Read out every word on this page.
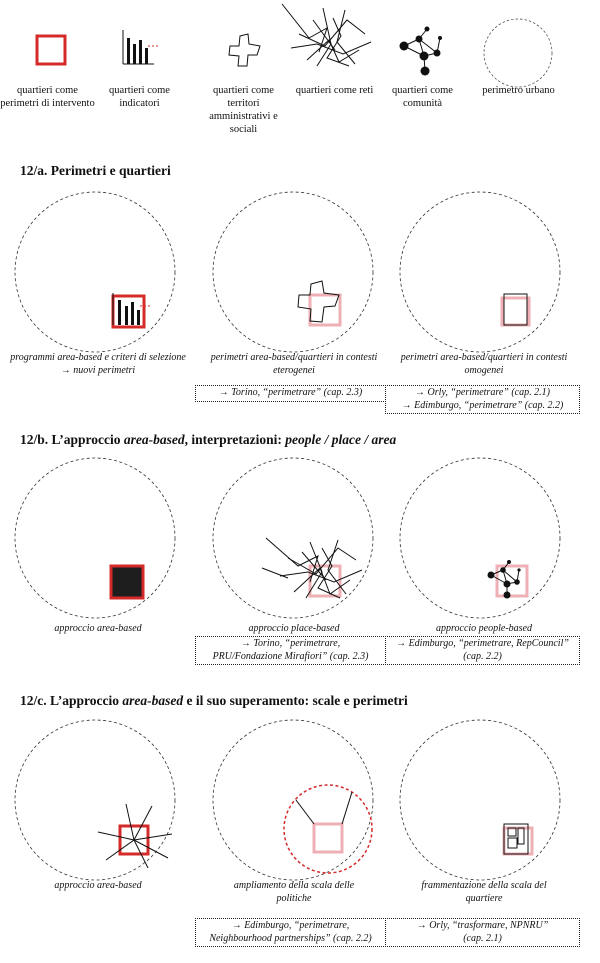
quartieri come perimetri di intervento
quartieri come indicatori
quartieri come territori amministrativi e sociali
quartieri come reti	quartieri come comunità
perimetro urbano
12/a. Perimetri e quartieri
programmi area-based e criteri di selezione → nuovi perimetri
perimetri area-based/quartieri in contesti eterogenei
→ Torino, “perimetrare” (cap. 2.3)
perimetri area-based/quartieri in contesti omogenei
→ Orly, “perimetrare” (cap. 2.1)
→ Edimburgo, “perimetrare” (cap. 2.2)
12/b. L’approccio area-based, interpretazioni: people / place / area
approccio area-based	approccio place-based
→ Torino, “perimetrare,
PRU/Fondazione Mirafiori” (cap. 2.3)
approccio people-based
→ Edimburgo, “perimetrare, RepCouncil”
(cap. 2.2)
12/c. L’approccio area-based e il suo superamento: scale e perimetri
approccio area-based	ampliamento della scala delle politiche
→ Edimburgo, “perimetrare,
Neighbourhood partnerships” (cap. 2.2)
frammentazione della scala del quartiere
→ Orly, “trasformare, NPNRU”
(cap. 2.1)
